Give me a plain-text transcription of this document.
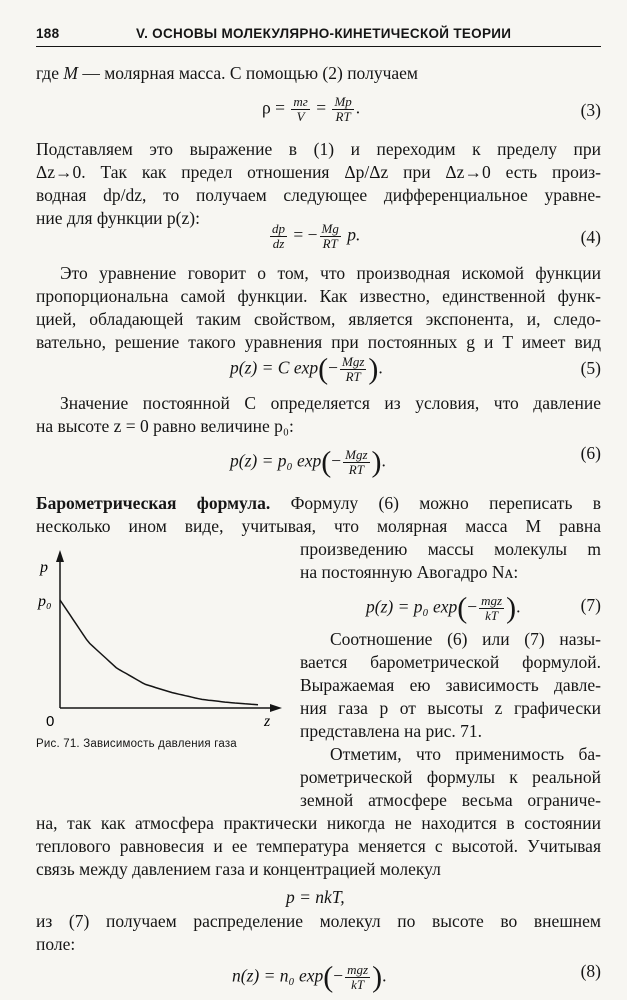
188	V. ОСНОВЫ МОЛЕКУЛЯРНО-КИНЕТИЧЕСКОЙ ТЕОРИИ
где M — молярная масса. С помощью (2) получаем
$\rho = \frac{mг}{V} = \frac{Mp}{RT}$ .	(3)
Подставляем это выражение в (1) и переходим к пределу при
Δz→0. Так как предел отношения Δp/Δz при Δz→0 есть произ-
водная dp/dz, то получаем следующее дифференциальное уравне-
ние для функции p(z):
$\frac{dp}{dz}$ = − $\frac{Mg}{RT} p$.	(4)
Это уравнение говорит о том, что производная искомой функции
пропорциональна самой функции. Как известно, единственной функ-
цией, обладающей таким свойством, является экспонента, и, следо-
вательно, решение такого уравнения при постоянных g и T имеет вид
p(z) = C $\exp(- \frac{\text{Mgz}}{RT}$ ).	(5)
Значение постоянной C определяется из условия, что давление
на высоте z = 0 равно величине p₀:
p(z) = p₀ $\exp(- \frac{\text{Mgz}}{RT}$ ).	(6)
Барометрическая формула. Формулу (6) можно переписать в
несколько ином виде, учитывая, что молярная масса M равна
произведению массы молекулы m
на постоянную Авогадро Nᴀ:
p(z) = p₀ $\exp(- \frac{\text{mgz}}{kT}$ ).	(7)
Соотношение (6) или (7) назы-
вается барометрической формулой.
Выражаемая ею зависимость давле-
ния газа p от высоты z графически
представлена на рис. 71.
Отметим, что применимость ба-
рометрической формулы к реальной
земной атмосфере весьма ограниче-
на, так как атмосфера практически никогда не находится в состоянии
теплового равновесия и ее температура меняется с высотой. Учитывая
связь между давлением газа и концентрацией молекул
p = nkT,
из (7) получаем распределение молекул по высоте во внешнем
поле:
n(z) = n₀ $\exp(- \frac{\text{mgz}}{kT}$ ).	(8)
p
p₀
0	z
Рис. 71. Зависимость давления газа
